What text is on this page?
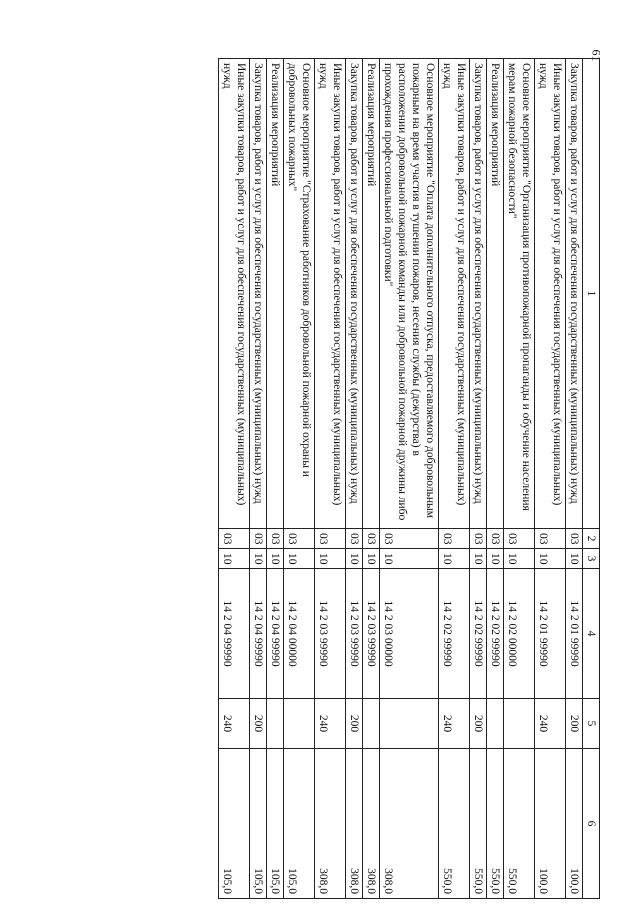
61
1	2	3	4	5	6
Закупка товаров, работ и услуг для обеспечения государственных (муниципальных) нужд	03	10	14 2 01 99990	200	100,0
Иные закупки товаров, работ и услуг для обеспечения государственных (муниципальных) нужд	03	10	14 2 01 99990	240	100,0
Основное мероприятие "Организация противопожарной пропаганды и обучение населения мерам пожарной безопасности"	03	10	14 2 02 00000		550,0
Реализация мероприятий	03	10	14 2 02 99990		550,0
Закупка товаров, работ и услуг для обеспечения государственных (муниципальных) нужд	03	10	14 2 02 99990	200	550,0
Иные закупки товаров, работ и услуг для обеспечения государственных (муниципальных) нужд	03	10	14 2 02 99990	240	550,0
Основное мероприятие "Оплата дополнительного отпуска, предоставляемого добровольным пожарным на время участия в тушении пожаров, несения службы (дежурства) в расположении добровольной пожарной команды или добровольной пожарной дружины либо прохождения профессиональной подготовки"	03	10	14 2 03 00000		308,0
Реализация мероприятий	03	10	14 2 03 99990		308,0
Закупка товаров, работ и услуг для обеспечения государственных (муниципальных) нужд	03	10	14 2 03 99990	200	308,0
Иные закупки товаров, работ и услуг для обеспечения государственных (муниципальных) нужд	03	10	14 2 03 99990	240	308,0
Основное мероприятие "Страхование работников добровольной пожарной охраны и добровольных пожарных"	03	10	14 2 04 00000		105,0
Реализация мероприятий	03	10	14 2 04 99990		105,0
Закупка товаров, работ и услуг для обеспечения государственных (муниципальных) нужд	03	10	14 2 04 99990	200	105,0
Иные закупки товаров, работ и услуг для обеспечения государственных (муниципальных) нужд	03	10	14 2 04 99990	240	105,0
